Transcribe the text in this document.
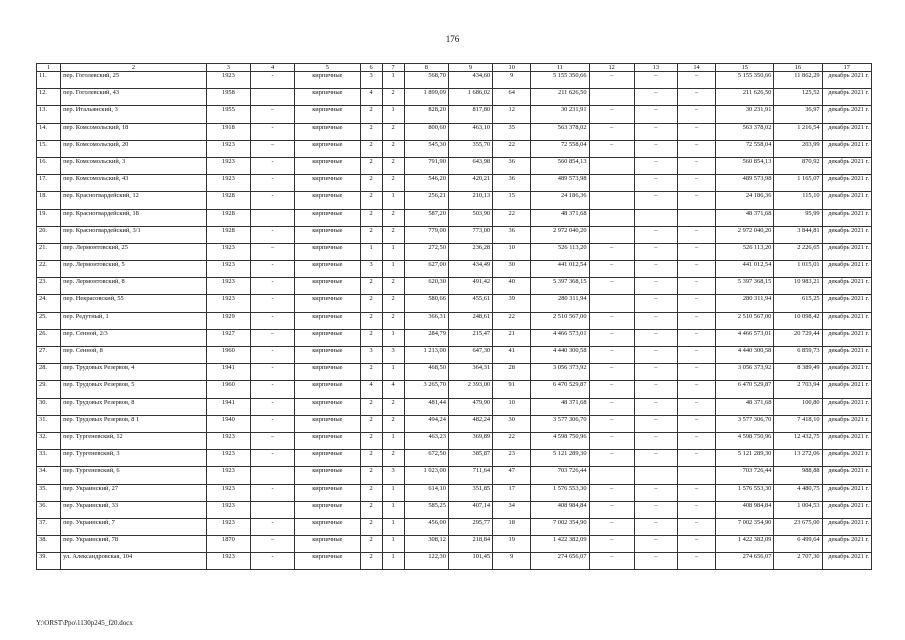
176
1	2	3	4	5	6	7	8	9	10	11	12	13	14	15	16	17
11.	пер. Гоголевский, 25	1923	-	кирпичные	3	1	568,70	434,60	9	5 155 350,66	–	–	–	5 155 350,66	11 862,29	декабрь 2021 г.
12.	пер. Гоголевский, 43	1958		кирпичные	4	2	1 899,09	1 686,02	64	211 626,50		–	–	211 626,50	125,52	декабрь 2021 г.
13.	пер. Итальянский, 3	1955	–	кирпичные	2	1	828,20	817,80	12	30 231,91	–	–	–	30 231,91	36,97	декабрь 2021 г.
14.	пер. Комсомольский, 18	1918	-	кирпичные	2	2	800,60	463,10	35	563 378,02	–	–	–	563 378,02	1 216,54	декабрь 2021 г.
15.	пер. Комсомольский, 20	1923	–	кирпичные	2	2	545,30	355,70	22	72 558,04	–	–	–	72 558,04	203,99	декабрь 2021 г.
16.	пер. Комсомольский, 3	1923	-	кирпичные	2	2	791,90	643,98	36	560 854,13		–	–	560 854,13	870,92	декабрь 2021 г.
17.	пер. Комсомольский, 43	1923	-	кирпичные	2	2	546,20	420,21	36	489 573,98		–	–	489 573,98	1 165,07	декабрь 2021 г.
18.	пер. Красногвардейский, 12	1928	-	кирпичные	2	1	256,21	210,13	15	24 186,36		–	–	24 186,36	115,10	декабрь 2021 г.
19.	пер. Красногвардейский, 18	1928		кирпичные	2	2	587,20	503,90	22	48 371,68				48 371,68	95,99	декабрь 2021 г.
20.	пер. Красногвардейский, 3/1	1928	-	кирпичные	2	2	779,00	773,00	36	2 972 040,20		–	–	2 972 040,20	3 844,81	декабрь 2021 г.
21.	пер. Лермонтовский, 25	1923	–	кирпичные	1	1	272,50	236,28	10	526 113,20	–	–	–	526 113,20	2 226,65	декабрь 2021 г.
22.	пер. Лермонтовский, 5	1923	-	кирпичные	3	1	627,00	434,49	30	441 012,54	–	–	–	441 012,54	1 015,01	декабрь 2021 г.
23.	пер. Лермонтовский, 8	1923	-	кирпичные	2	2	620,30	491,42	40	5 397 368,15	–	–	–	5 397 368,15	10 983,21	декабрь 2021 г.
24.	пер. Некрасовский, 55	1923	-	кирпичные	2	2	580,66	455,61	39	280 311,94		–	–	280 311,94	615,25	декабрь 2021 г.
25.	пер. Редутный, 1	1929	-	кирпичные	2	2	366,31	248,61	22	2 510 567,00	–	–	–	2 510 567,00	10 098,42	декабрь 2021 г.
26.	пер. Сенной, 2/3	1927	–	кирпичные	2	1	284,79	215,47	21	4 466 573,01	–	–	–	4 466 573,01	20 729,44	декабрь 2021 г.
27.	пер. Сенной, 8	1960	-	кирпичные	3	3	1 213,00	647,30	41	4 440 300,58	–	–	–	4 440 300,58	6 859,73	декабрь 2021 г.
28.	пер. Трудовых Резервов, 4	1941	-	кирпичные	2	1	468,50	364,31	28	3 056 373,92	–	–	–	3 056 373,92	8 389,49	декабрь 2021 г.
29.	пер. Трудовых Резервов, 5	1960	-	кирпичные	4	4	3 265,70	2 393,00	91	6 470 529,87	–	–	–	6 470 529,87	2 703,94	декабрь 2021 г.
30.	пер. Трудовых Резервов, 8	1941	-	кирпичные	2	2	481,44	479,90	10	48 371,68	–	–	–	48 371,68	100,80	декабрь 2021 г.
31.	пер. Трудовых Резервов, 8 1	1940	-	кирпичные	2	2	494,24	482,24	30	3 577 306,70	–	–	–	3 577 306,70	7 418,10	декабрь 2021 г.
32.	пер. Тургеневский, 12	1923	–	кирпичные	2	1	463,23	369,89	22	4 598 750,96	–	–	–	4 598 750,96	12 432,75	декабрь 2021 г.
33.	пер. Тургеневский, 3	1923	-	кирпичные	2	2	672,50	385,87	23	5 121 289,30	–	–	–	5 121 289,30	13 272,06	декабрь 2021 г.
34.	пер. Тургеневский, 6	1923		кирпичные	2	3	1 023,00	711,64	47	703 726,44				703 726,44	988,88	декабрь 2021 г.
35.	пер. Украинский, 27	1923	-	кирпичные	2	1	614,10	351,85	17	1 576 553,30	–	–	–	1 576 553,30	4 480,75	декабрь 2021 г.
36.	пер. Украинский, 33	1923		кирпичные	2	1	585,25	407,14	34	408 984,84	–	–	–	408 984,84	1 004,53	декабрь 2021 г.
37.	пер. Украинский, 7	1923	-	кирпичные	2	1	456,00	295,77	18	7 002 354,90	–	–	–	7 002 354,90	23 675,00	декабрь 2021 г.
38.	пер. Украинский, 78	1870	–	кирпичные	2	1	308,12	218,84	19	1 422 382,09	–	–	–	1 422 382,09	6 499,64	декабрь 2021 г.
39.	ул. Александровская, 104	1923	-	кирпичные	2	1	122,30	101,45	9	274 656,07	–	–	–	274 656,07	2 707,30	декабрь 2021 г.
Y:\ORST\Ppo\1130p245_f20.docx
